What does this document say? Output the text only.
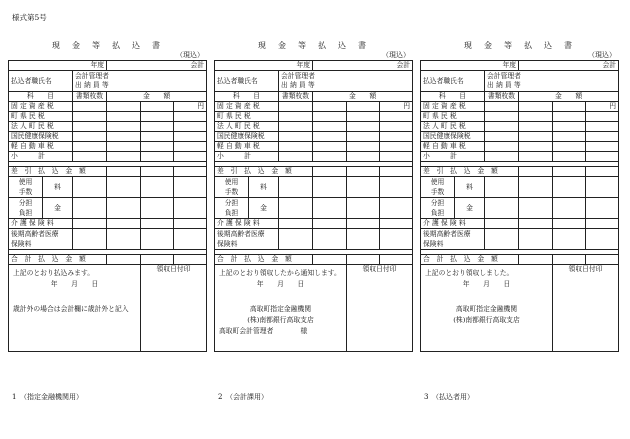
様式第5号
現　金　等　払　込　書
（現込）
年度			会計		
払込者職氏名		会計管理者
出 納 員 等			
科　　目		書類枚数	金　　額		
固 定 資 産 税					円
町 県 民 税					
法 人 町 民 税					
国民健康保険税					
軽 自 動 車 税					
小　　　計					

差　引　払　込　金　額					
使用
手数	料				
分担
負担	金				
介 護 保 険 料					
後期高齢者医療
保険料					

合　計　払　込　金　額					

上記のとおり払込みます。
年　　月　　日
歳計外の場合は会計欄に歳計外と記入				領収日付印	
1　（指定金融機関用）
現　金　等　払　込　書
（現込）
年度			会計		
払込者職氏名		会計管理者
出 納 員 等			
科　　目		書類枚数	金　　額		
固 定 資 産 税					円
町 県 民 税					
法 人 町 民 税					
国民健康保険税					
軽 自 動 車 税					
小　　　計					

差　引　払　込　金　額					
使用
手数	料				
分担
負担	金				
介 護 保 険 料					
後期高齢者医療
保険料					

合　計　払　込　金　額					

上記のとおり領収したから通知します。
年　　月　　日
高取町指定金融機関
(株)南都銀行高取支店
高取町会計管理者　　　　様				領収日付印	
2　（会計課用）
現　金　等　払　込　書
（現込）
年度			会計		
払込者職氏名		会計管理者
出 納 員 等			
科　　目		書類枚数	金　　額		
固 定 資 産 税					円
町 県 民 税					
法 人 町 民 税					
国民健康保険税					
軽 自 動 車 税					
小　　　計					

差　引　払　込　金　額					
使用
手数	料				
分担
負担	金				
介 護 保 険 料					
後期高齢者医療
保険料					

合　計　払　込　金　額					

上記のとおり領収しました。
年　　月　　日
高取町指定金融機関
(株)南都銀行高取支店				領収日付印	
3　（払込者用）
